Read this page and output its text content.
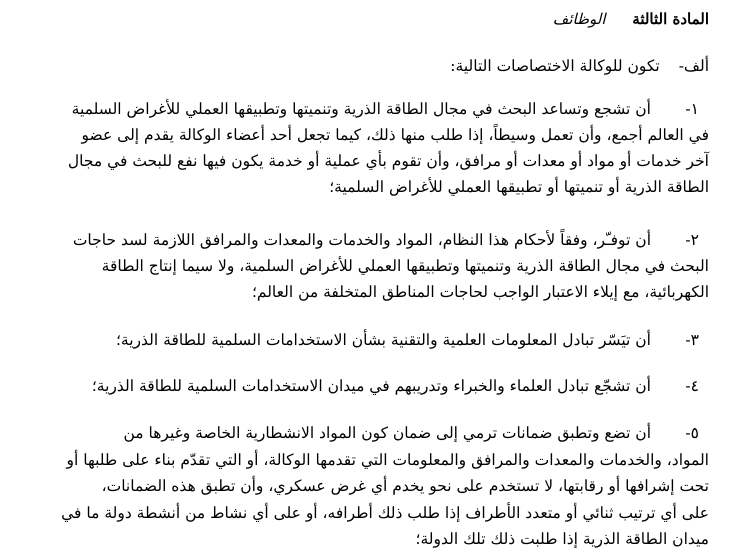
المادة الثالثة الوظائف
ألف- تكون للوكالة الاختصاصات التالية:
١-أن تشجع وتساعد البحث في مجال الطاقة الذرية وتنميتها وتطبيقها العملي للأغراض السلمية
في العالم أجمع، وأن تعمل وسيطاً، إذا طلب منها ذلك، كيما تجعل أحد أعضاء الوكالة يقدم إلى عضو
آخر خدمات أو مواد أو معدات أو مرافق، وأن تقوم بأي عملية أو خدمة يكون فيها نفع للبحث في مجال
الطاقة الذرية أو تنميتها أو تطبيقها العملي للأغراض السلمية؛
٢-أن توفـّر، وفقاً لأحكام هذا النظام، المواد والخدمات والمعدات والمرافق اللازمة لسد حاجات
البحث في مجال الطاقة الذرية وتنميتها وتطبيقها العملي للأغراض السلمية، ولا سيما إنتاج الطاقة
الكهربائية، مع إيلاء الاعتبار الواجب لحاجات المناطق المتخلفة من العالم؛
٣-أن تيَسّر تبادل المعلومات العلمية والتقنية بشأن الاستخدامات السلمية للطاقة الذرية؛
٤-أن تشجّع تبادل العلماء والخبراء وتدريبهم في ميدان الاستخدامات السلمية للطاقة الذرية؛
٥-أن تضع وتطبق ضمانات ترمي إلى ضمان كون المواد الانشطارية الخاصة وغيرها من
المواد، والخدمات والمعدات والمرافق والمعلومات التي تقدمها الوكالة، أو التي تقدّم بناء على طلبها أو
تحت إشرافها أو رقابتها، لا تستخدم على نحو يخدم أي غرض عسكري، وأن تطبق هذه الضمانات،
على أي ترتيب ثنائي أو متعدد الأطراف إذا طلب ذلك أطرافه، أو على أي نشاط من أنشطة دولة ما في
ميدان الطاقة الذرية إذا طلبت ذلك تلك الدولة؛
